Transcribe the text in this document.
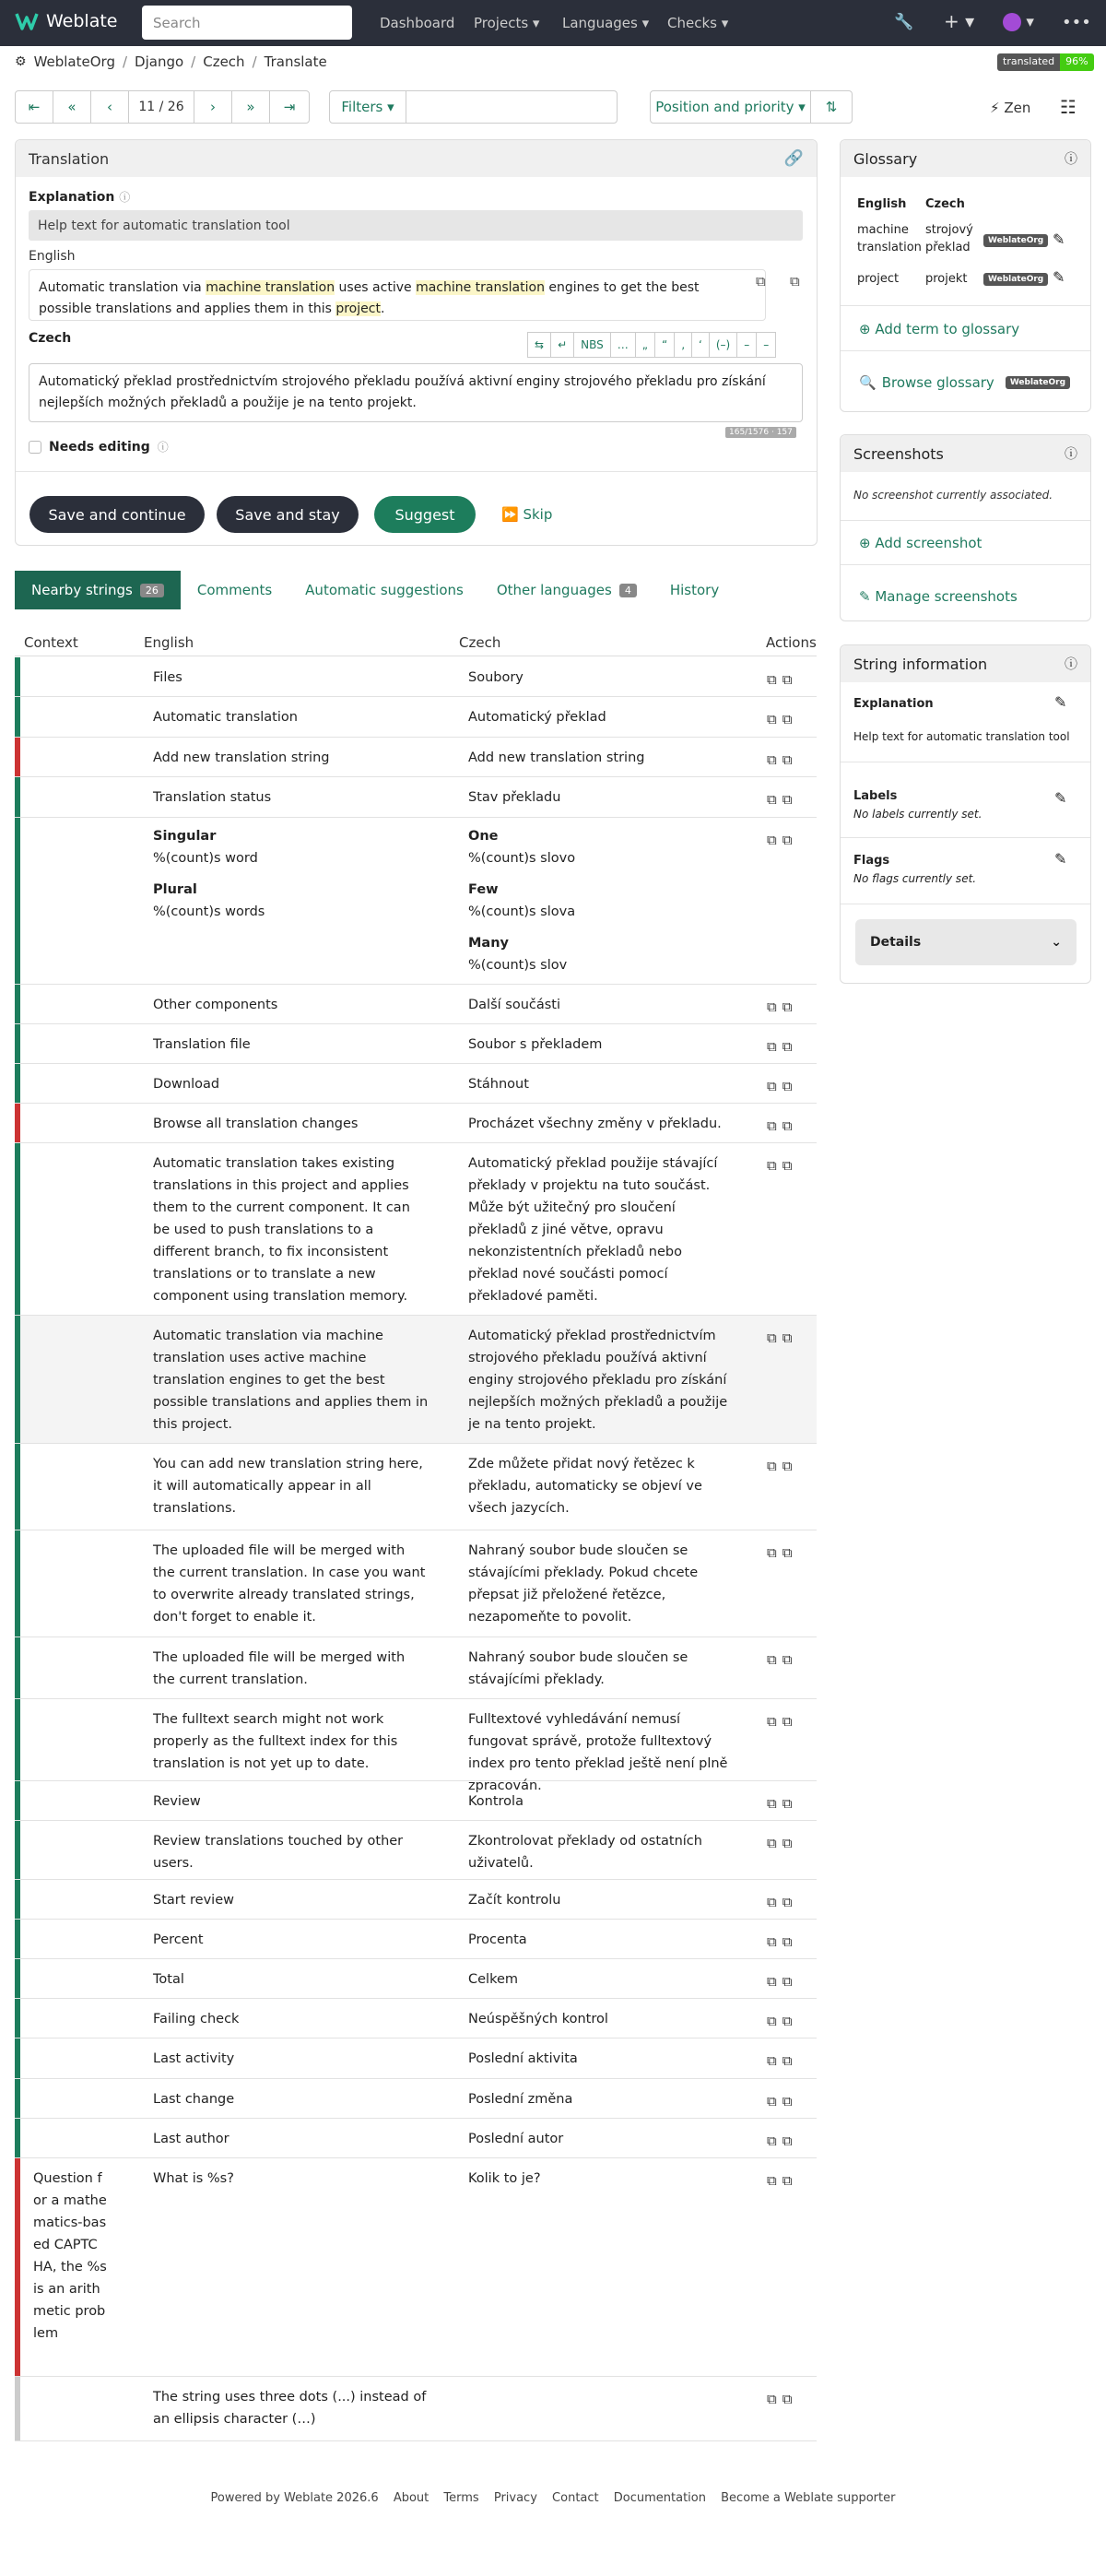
Weblate	Search	Dashboard Projects ▾ Languages ▾ Checks ▾	🔧 + ▾	▾ •••
⚙ WeblateOrg / Django / Czech / Translate	translated	96%
⇤	«	‹	11 / 26	›	»	⇥	Filters ▾	Position and priority ▾	⇅	⚡ Zen ☷
Translation	🔗
Explanation ⓘ
Help text for automatic translation tool
English
Automatic translation via machine translation uses active machine translation engines to get the best possible translations and applies them in this project.
⧉ ⧉
Czech	⇆	↵	NBS	…	„	“	‚	‘	(–)	–	–
Automatický překlad prostřednictvím strojového překladu používá aktivní enginy strojového překladu pro získání nejlepších možných překladů a použije je na tento projekt.
165/1576 · 157
Needs editing ⓘ
Save and continue	Save and stay	Suggest	⏩ Skip
Nearby strings	26	Comments	Automatic suggestions	Other languages	4	History
Context	English	Czech	Actions
Files	Soubory	⧉ ⧉
Automatic translation	Automatický překlad	⧉ ⧉
Add new translation string	Add new translation string	⧉ ⧉
Translation status	Stav překladu	⧉ ⧉
Singular
%(count)s word
Plural
%(count)s words
One
%(count)s slovo
Few
%(count)s slova
Many
%(count)s slov
⧉ ⧉
Other components	Další součásti	⧉ ⧉
Translation file	Soubor s překladem	⧉ ⧉
Download	Stáhnout	⧉ ⧉
Browse all translation changes	Procházet všechny změny v překladu.	⧉ ⧉
Automatic translation takes existing translations in this project and applies them to the current component. It can be used to push translations to a different branch, to fix inconsistent translations or to translate a new component using translation memory.
Automatický překlad použije stávající překlady v projektu na tuto součást. Může být užitečný pro sloučení překladů z jiné větve, opravu nekonzistentních překladů nebo překlad nové součásti pomocí překladové paměti.
⧉ ⧉
Automatic translation via machine translation uses active machine translation engines to get the best possible translations and applies them in this project.
Automatický překlad prostřednictvím strojového překladu používá aktivní enginy strojového překladu pro získání nejlepších možných překladů a použije je na tento projekt.
⧉ ⧉
You can add new translation string here, it will automatically appear in all translations.
Zde můžete přidat nový řetězec k překladu, automaticky se objeví ve všech jazycích.
⧉ ⧉
The uploaded file will be merged with the current translation. In case you want to overwrite already translated strings, don't forget to enable it.
Nahraný soubor bude sloučen se stávajícími překlady. Pokud chcete přepsat již přeložené řetězce, nezapomeňte to povolit.
⧉ ⧉
The uploaded file will be merged with the current translation.
Nahraný soubor bude sloučen se stávajícími překlady.
⧉ ⧉
The fulltext search might not work properly as the fulltext index for this translation is not yet up to date.
Fulltextové vyhledávání nemusí fungovat správě, protože fulltextový index pro tento překlad ještě není plně zpracován.
⧉ ⧉
Review	Kontrola	⧉ ⧉
Review translations touched by other users.
Zkontrolovat překlady od ostatních uživatelů.
⧉ ⧉
Start review	Začít kontrolu	⧉ ⧉
Percent	Procenta	⧉ ⧉
Total	Celkem	⧉ ⧉
Failing check	Neúspěšných kontrol	⧉ ⧉
Last activity	Poslední aktivita	⧉ ⧉
Last change	Poslední změna	⧉ ⧉
Last author	Poslední autor	⧉ ⧉
What is %s?	Kolik to je?
Question for a mathematics-based CAPTCHA, the %s is an arithmetic problem
⧉ ⧉
The string uses three dots (...) instead of an ellipsis character (…)
⧉ ⧉
Glossary	ⓘ
English Czech
machine translation
strojový překlad	WeblateOrg ✎
project projekt	WeblateOrg ✎
⊕ Add term to glossary
🔍 Browse glossary	WeblateOrg
Screenshots	ⓘ
No screenshot currently associated.
⊕ Add screenshot
✎ Manage screenshots
String information	ⓘ
Explanation	✎
Help text for automatic translation tool
Labels	✎
No labels currently set.
Flags	✎
No flags currently set.
Details	⌄
Powered by Weblate 2026.6 About Terms Privacy Contact Documentation Become a Weblate supporter
